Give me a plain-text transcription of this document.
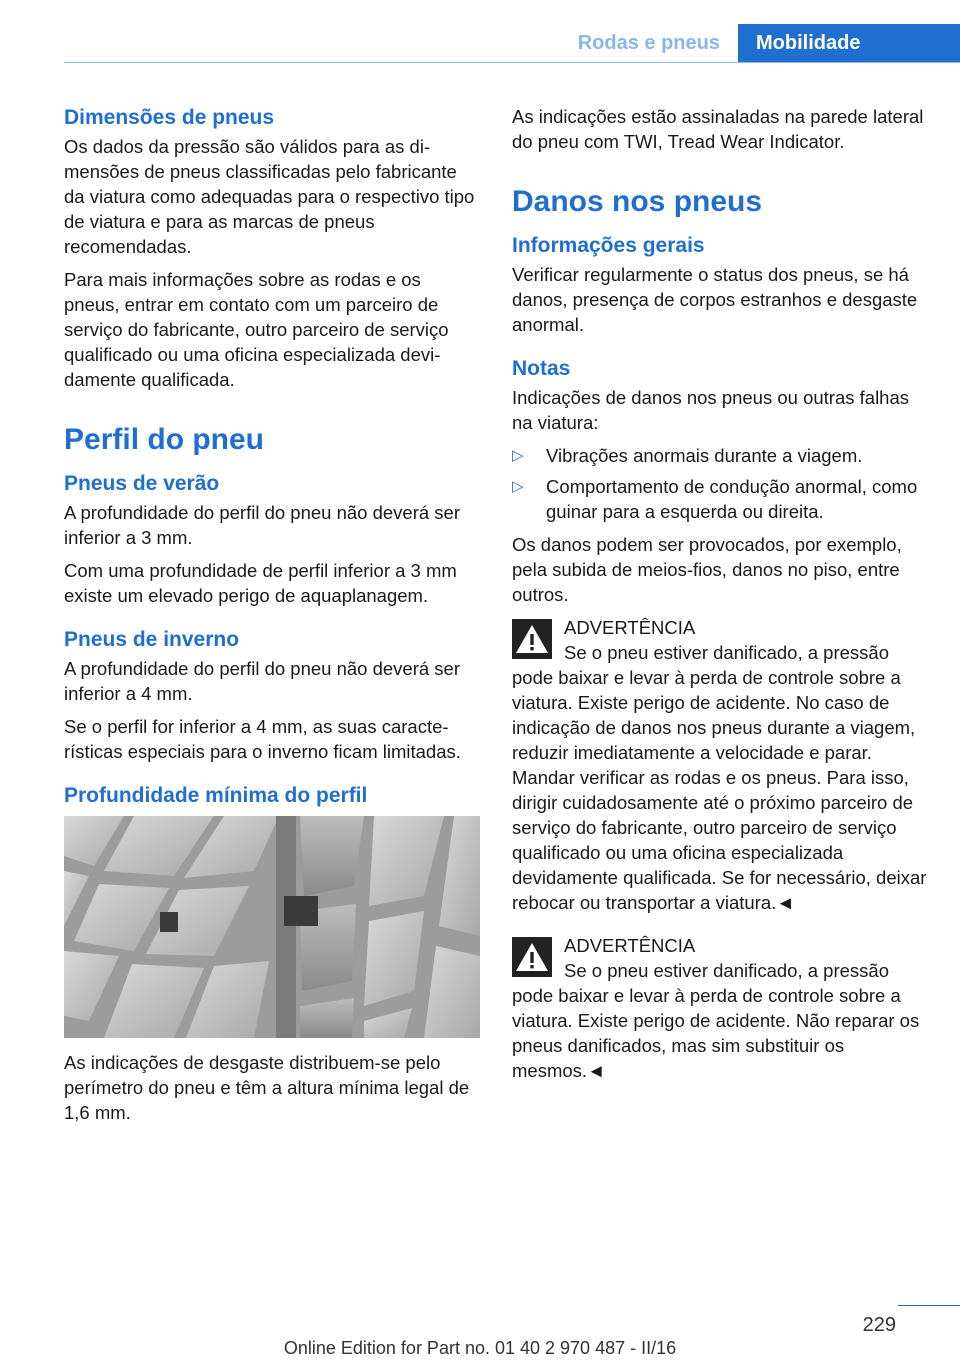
Rodas e pneus	Mobilidade
Dimensões de pneus

Os dados da pressão são válidos para as dimensões de pneus classificadas pelo fabricante da viatura como adequadas para o respectivo tipo de viatura e para as marcas de pneus recomendadas.

Para mais informações sobre as rodas e os pneus, entrar em contato com um parceiro de serviço do fabricante, outro parceiro de serviço qualificado ou uma oficina especializada devidamente qualificada.

Perfil do pneu
Pneus de verão

A profundidade do perfil do pneu não deverá ser inferior a 3 mm.

Com uma profundidade de perfil inferior a 3 mm existe um elevado perigo de aquaplanagem.

Pneus de inverno

A profundidade do perfil do pneu não deverá ser inferior a 4 mm.

Se o perfil for inferior a 4 mm, as suas características especiais para o inverno ficam limitadas.

Profundidade mínima do perfil

As indicações de desgaste distribuem-se pelo perímetro do pneu e têm a altura mínima legal de 1,6 mm.

As indicações estão assinaladas na parede lateral do pneu com TWI, Tread Wear Indicator.

Danos nos pneus
Informações gerais

Verificar regularmente o status dos pneus, se há danos, presença de corpos estranhos e desgaste anormal.

Notas

Indicações de danos nos pneus ou outras falhas na viatura:

▷ Vibrações anormais durante a viagem.
▷ Comportamento de condução anormal, como guinar para a esquerda ou direita.

Os danos podem ser provocados, por exemplo, pela subida de meios-fios, danos no piso, entre outros.

ADVERTÊNCIA
Se o pneu estiver danificado, a pressão
pode baixar e levar à perda de controle sobre a viatura. Existe perigo de acidente. No caso de indicação de danos nos pneus durante a viagem, reduzir imediatamente a velocidade e parar. Mandar verificar as rodas e os pneus. Para isso, dirigir cuidadosamente até o próximo parceiro de serviço do fabricante, outro parceiro de serviço qualificado ou uma oficina especializada devidamente qualificada. Se for necessário, deixar rebocar ou transportar a viatura.◄
ADVERTÊNCIA
Se o pneu estiver danificado, a pressão
pode baixar e levar à perda de controle sobre a viatura. Existe perigo de acidente. Não reparar os pneus danificados, mas sim substituir os mesmos.◄
229
Online Edition for Part no. 01 40 2 970 487 - II/16
